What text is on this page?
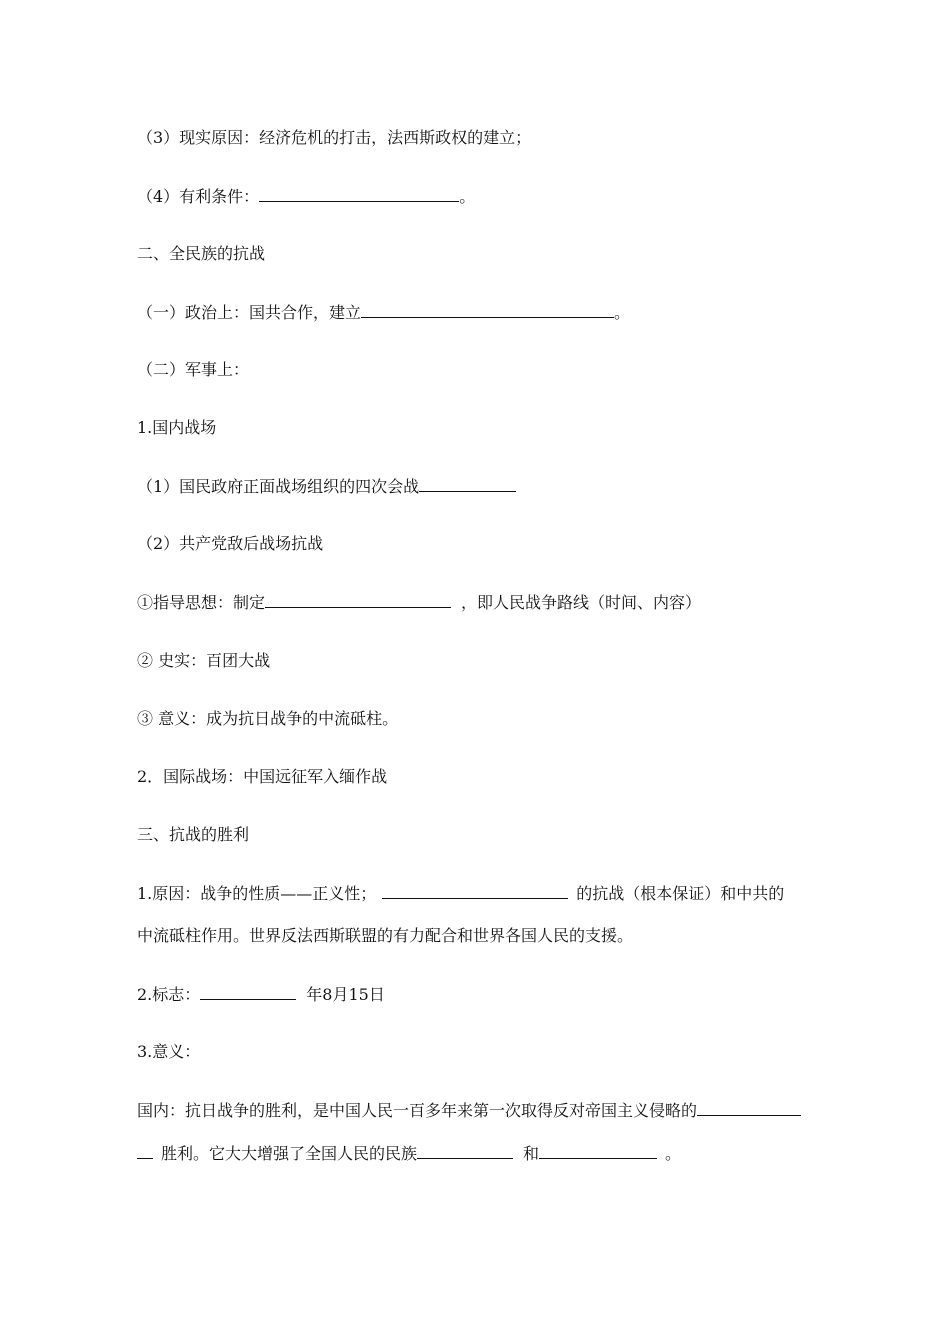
（3）现实原因：经济危机的打击，法西斯政权的建立；
（4）有利条件：	。
二、全民族的抗战
（一）政治上：国共合作，建立	。
（二）军事上：
1.国内战场
（1）国民政府正面战场组织的四次会战
（2）共产党敌后战场抗战
①指导思想：制定	，即人民战争路线（时间、内容）
② 史实：百团大战
③ 意义：成为抗日战争的中流砥柱。
2．国际战场：中国远征军入缅作战
三、抗战的胜利
1.原因：战争的性质——正义性；	的抗战（根本保证）和中共的
中流砥柱作用。世界反法西斯联盟的有力配合和世界各国人民的支援。
2.标志：	年8月15日
3.意义：
国内：抗日战争的胜利，是中国人民一百多年来第一次取得反对帝国主义侵略的
胜利。它大大增强了全国人民的民族	和	。
